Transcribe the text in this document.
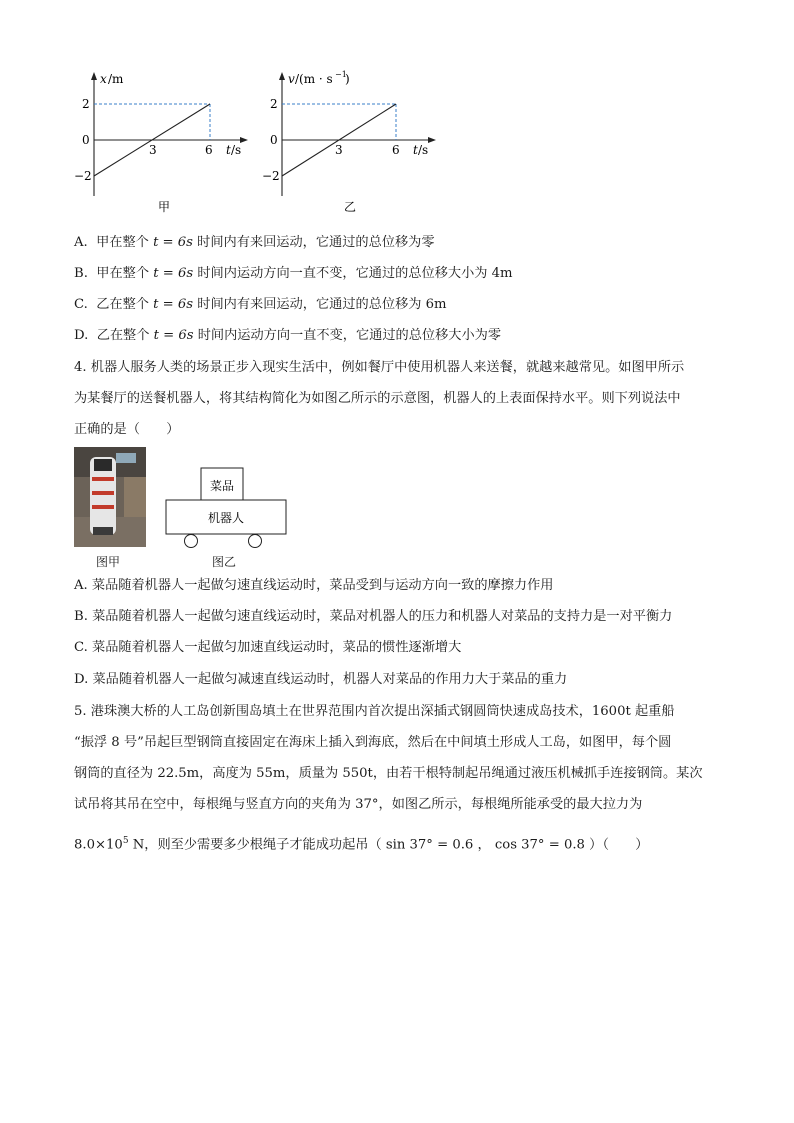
x /m
2
0
−2
3	6 t /s
甲
v /(m · s −1
)
2
0
−2
3	6 t /s
乙
A. 甲在整个 t = 6s 时间内有来回运动，它通过的总位移为零
B. 甲在整个 t = 6s 时间内运动方向一直不变，它通过的总位移大小为 4m
C. 乙在整个 t = 6s 时间内有来回运动，它通过的总位移为 6m
D. 乙在整个 t = 6s 时间内运动方向一直不变，它通过的总位移大小为零
4. 机器人服务人类的场景正步入现实生活中，例如餐厅中使用机器人来送餐，就越来越常见。如图甲所示
为某餐厅的送餐机器人，将其结构简化为如图乙所示的示意图，机器人的上表面保持水平。则下列说法中
正确的是（　　）
图甲
菜品
机器人
图乙
A. 菜品随着机器人一起做匀速直线运动时，菜品受到与运动方向一致的摩擦力作用
B. 菜品随着机器人一起做匀速直线运动时，菜品对机器人的压力和机器人对菜品的支持力是一对平衡力
C. 菜品随着机器人一起做匀加速直线运动时，菜品的惯性逐渐增大
D. 菜品随着机器人一起做匀减速直线运动时，机器人对菜品的作用力大于菜品的重力
5. 港珠澳大桥的人工岛创新围岛填土在世界范围内首次提出深插式钢圆筒快速成岛技术，1600t 起重船
“振浮 8 号”吊起巨型钢筒直接固定在海床上插入到海底，然后在中间填土形成人工岛，如图甲，每个圆
钢筒的直径为 22.5m，高度为 55m，质量为 550t，由若干根特制起吊绳通过液压机械抓手连接钢筒。某次
试吊将其吊在空中，每根绳与竖直方向的夹角为 37°，如图乙所示，每根绳所能承受的最大拉力为
$8.0\times 10^5$ N，则至少需要多少根绳子才能成功起吊（ sin 37° = 0.6 ， cos 37° = 0.8 ）（　　）
